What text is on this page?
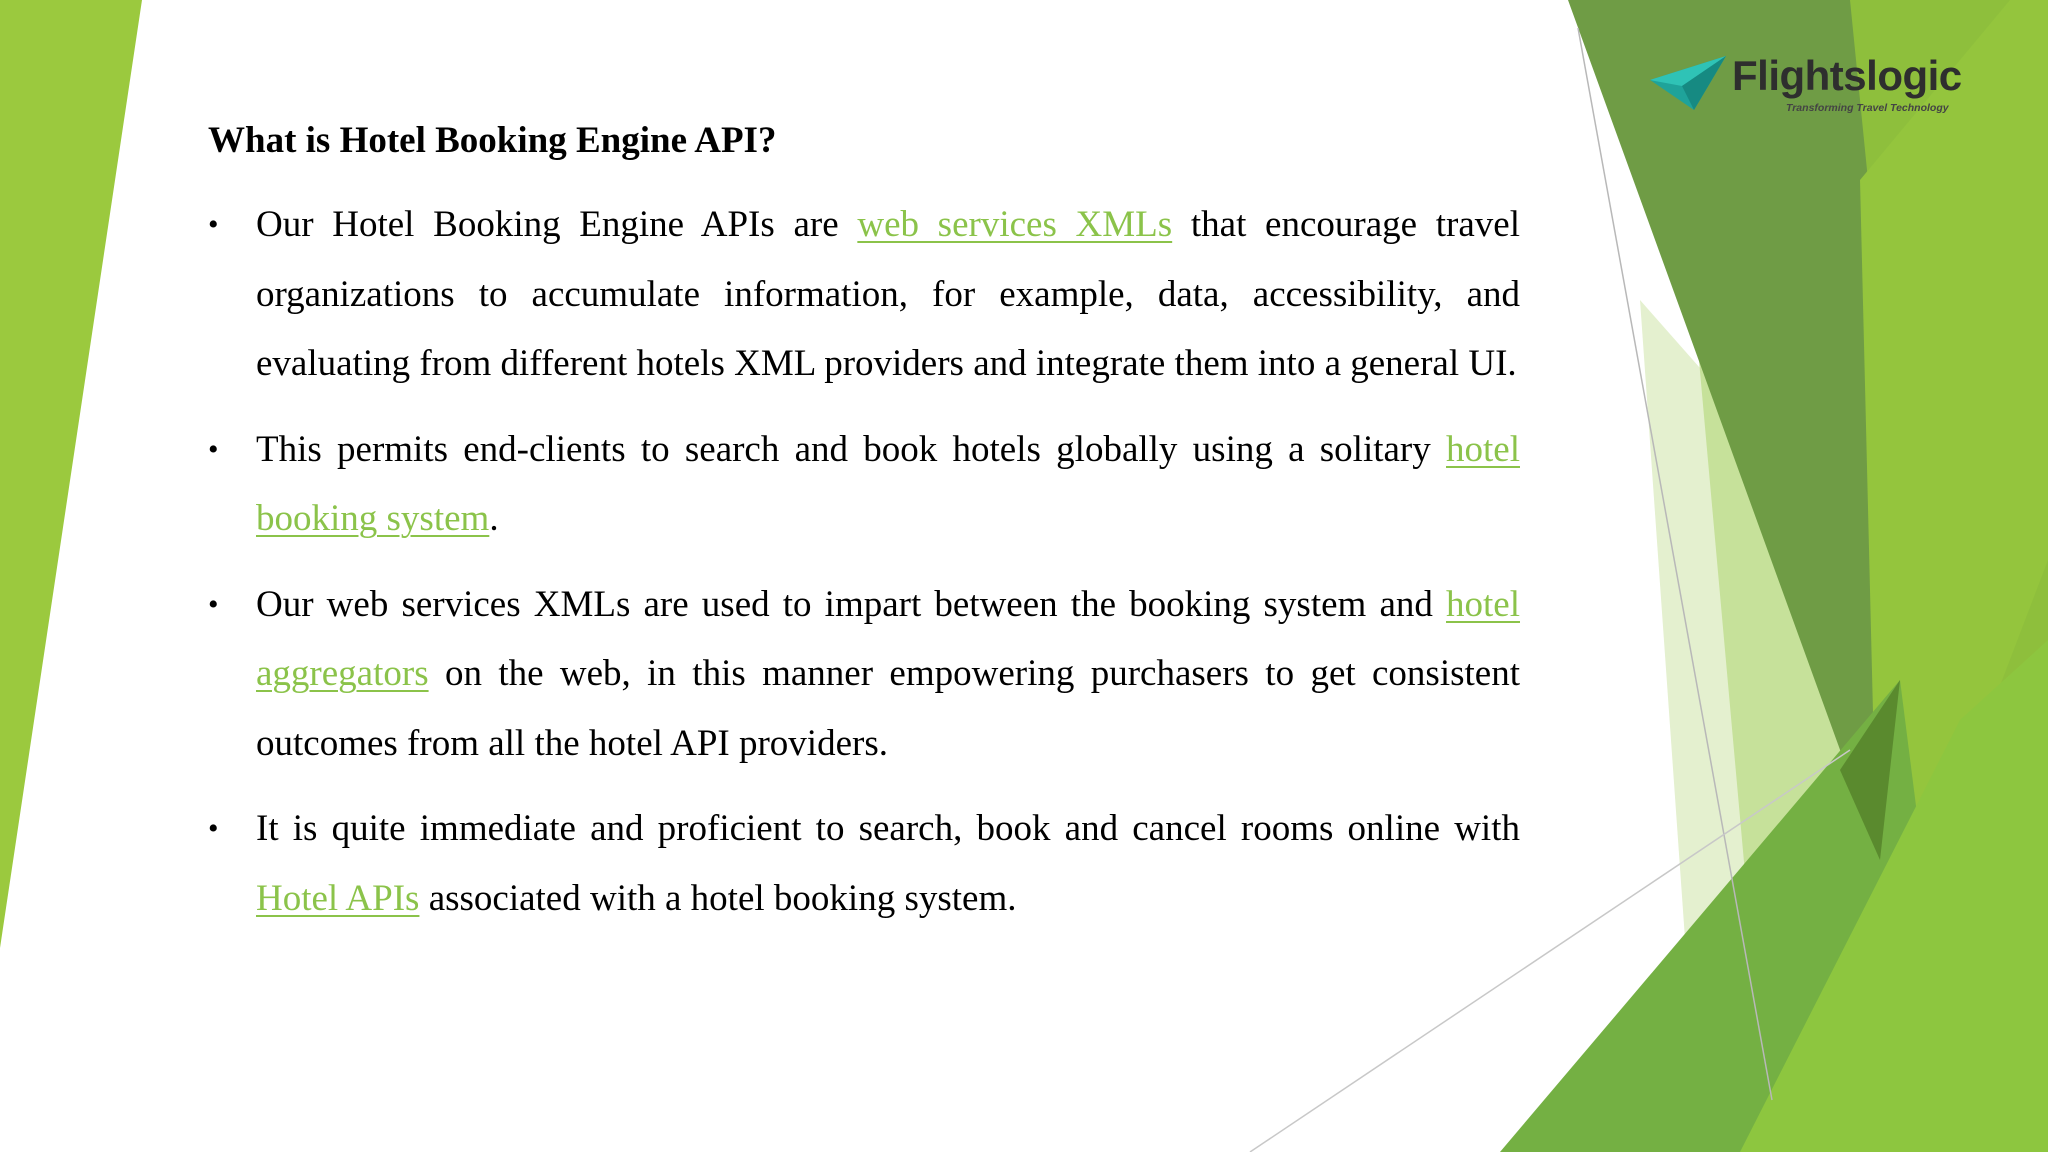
Flightslogic
Transforming Travel Technology
What is Hotel Booking Engine API?
• Our Hotel Booking Engine APIs are web services XMLs that encourage travel organizations to accumulate information, for example, data, accessibility, and evaluating from different hotels XML providers and integrate them into a general UI.
• This permits end-clients to search and book hotels globally using a solitary hotel booking system.
• Our web services XMLs are used to impart between the booking system and hotel aggregators on the web, in this manner empowering purchasers to get consistent outcomes from all the hotel API providers.
• It is quite immediate and proficient to search, book and cancel rooms online with Hotel APIs associated with a hotel booking system.
